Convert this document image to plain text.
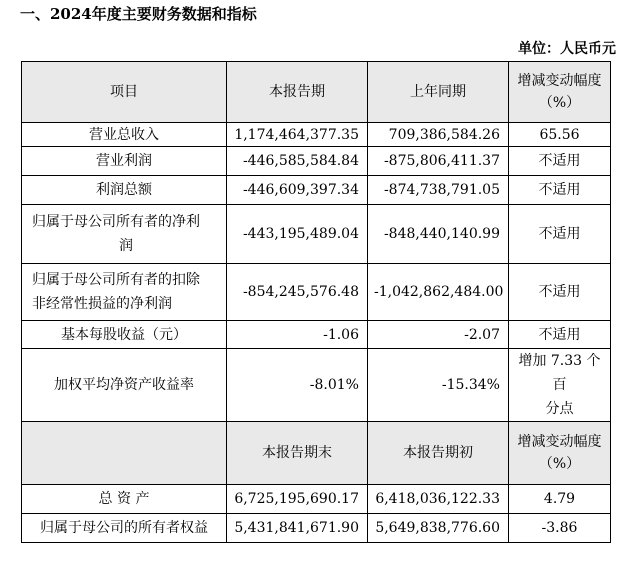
一、2024年度主要财务数据和指标
单位：人民币元
项目	本报告期	上年同期	增减变动幅度
（%）

营业总收入	1,174,464,377.35	709,386,584.26	65.56
营业利润	-446,585,584.84	-875,806,411.37	不适用
利润总额	-446,609,397.34	-874,738,791.05	不适用

归属于母公司所有者的净利
润	-443,195,489.04	-848,440,140.99	不适用

归属于母公司所有者的扣除
非经常性损益的净利润	-854,245,576.48	-1,042,862,484.00	不适用
基本每股收益（元）	-1.06	-2.07	不适用
加权平均净资产收益率	-8.01%	-15.34%	增加 7.33 个百
分点

	本报告期末	本报告期初	增减变动幅度
（%）

总 资 产	6,725,195,690.17	6,418,036,122.33	4.79
归属于母公司的所有者权益	5,431,841,671.90	5,649,838,776.60	-3.86
